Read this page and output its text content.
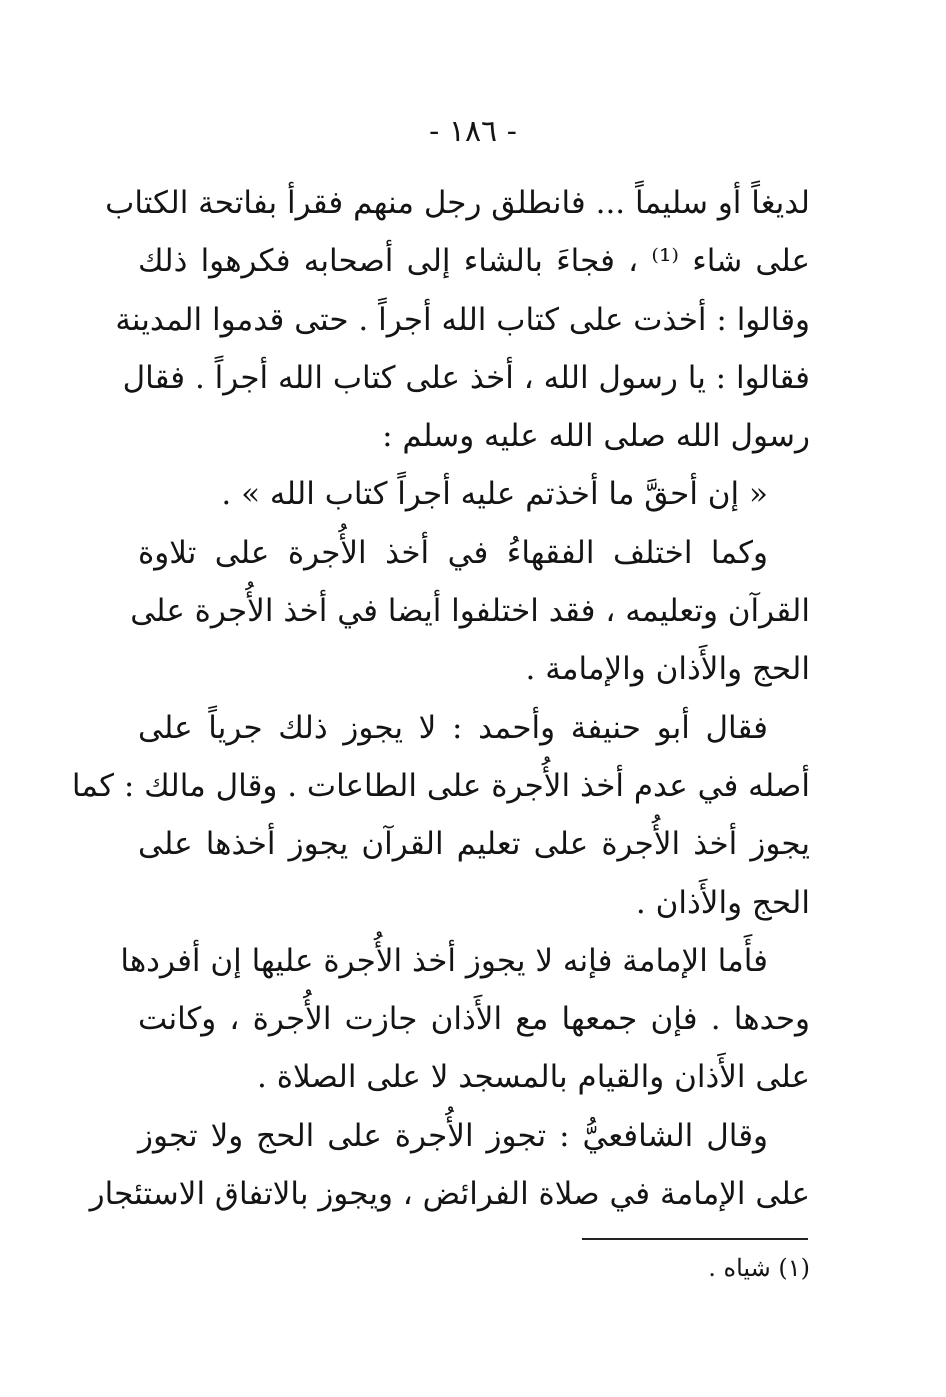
- ١٨٦ -
لديغاً أو سليماً ... فانطلق رجل منهم فقرأ بفاتحة الكتاب
على شاء ⁽¹⁾ ، فجاءَ بالشاء إلى أصحابه فكرهوا ذلك
وقالوا : أخذت على كتاب الله أجراً . حتى قدموا المدينة
فقالوا : يا رسول الله ، أخذ على كتاب الله أجراً . فقال
رسول الله صلى الله عليه وسلم :
« إن أحقَّ ما أخذتم عليه أجراً كتاب الله » .
وكما اختلف الفقهاءُ في أخذ الأُجرة على تلاوة
القرآن وتعليمه ، فقد اختلفوا أيضا في أخذ الأُجرة على
الحج والأَذان والإمامة .
فقال أبو حنيفة وأحمد : لا يجوز ذلك جرياً على
أصله في عدم أخذ الأُجرة على الطاعات . وقال مالك : كما
يجوز أخذ الأُجرة على تعليم القرآن يجوز أخذها على
الحج والأَذان .
فأَما الإمامة فإنه لا يجوز أخذ الأُجرة عليها إن أفردها
وحدها . فإن جمعها مع الأَذان جازت الأُجرة ، وكانت
على الأَذان والقيام بالمسجد لا على الصلاة .
وقال الشافعيُّ : تجوز الأُجرة على الحج ولا تجوز
على الإمامة في صلاة الفرائض ، ويجوز بالاتفاق الاستئجار
(١) شياه .
